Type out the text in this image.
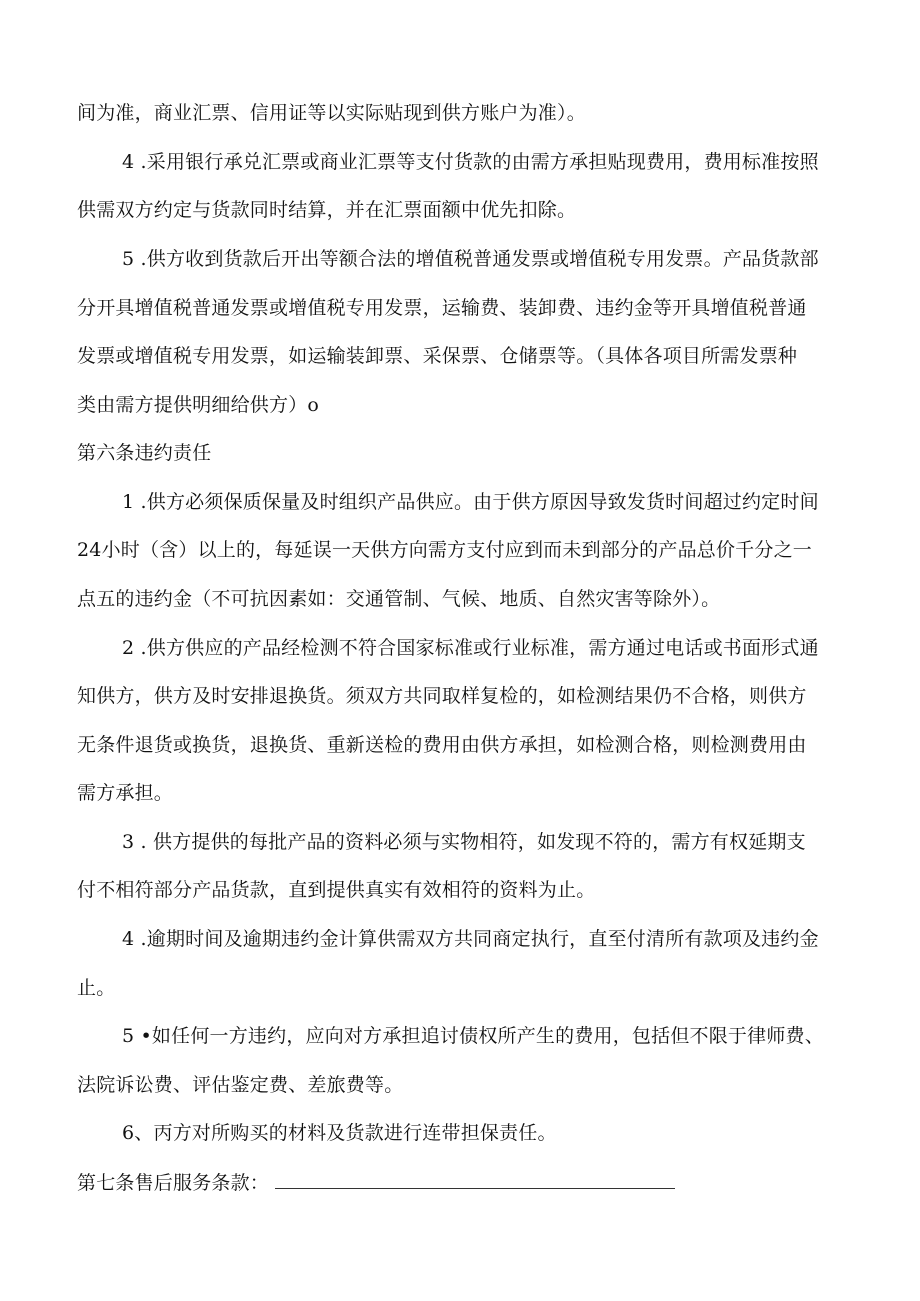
间为准，商业汇票、信用证等以实际贴现到供方账户为准）。
4 .采用银行承兑汇票或商业汇票等支付货款的由需方承担贴现费用，费用标准按照
供需双方约定与货款同时结算，并在汇票面额中优先扣除。
5 .供方收到货款后开出等额合法的增值税普通发票或增值税专用发票。产品货款部
分开具增值税普通发票或增值税专用发票，运输费、装卸费、违约金等开具增值税普通
发票或增值税专用发票，如运输装卸票、采保票、仓储票等。（具体各项目所需发票种
类由需方提供明细给供方）o
第六条违约责任
1 .供方必须保质保量及时组织产品供应。由于供方原因导致发货时间超过约定时间
24小时（含）以上的，每延误一天供方向需方支付应到而未到部分的产品总价千分之一
点五的违约金（不可抗因素如：交通管制、气候、地质、自然灾害等除外）。
2 .供方供应的产品经检测不符合国家标准或行业标准，需方通过电话或书面形式通
知供方，供方及时安排退换货。须双方共同取样复检的，如检测结果仍不合格，则供方
无条件退货或换货，退换货、重新送检的费用由供方承担，如检测合格，则检测费用由
需方承担。
3 . 供方提供的每批产品的资料必须与实物相符，如发现不符的，需方有权延期支
付不相符部分产品货款，直到提供真实有效相符的资料为止。
4 .逾期时间及逾期违约金计算供需双方共同商定执行，直至付清所有款项及违约金
止。
5 •如任何一方违约，应向对方承担追讨债权所产生的费用，包括但不限于律师费、
法院诉讼费、评估鉴定费、差旅费等。
6、丙方对所购买的材料及货款进行连带担保责任。
第七条售后服务条款：
